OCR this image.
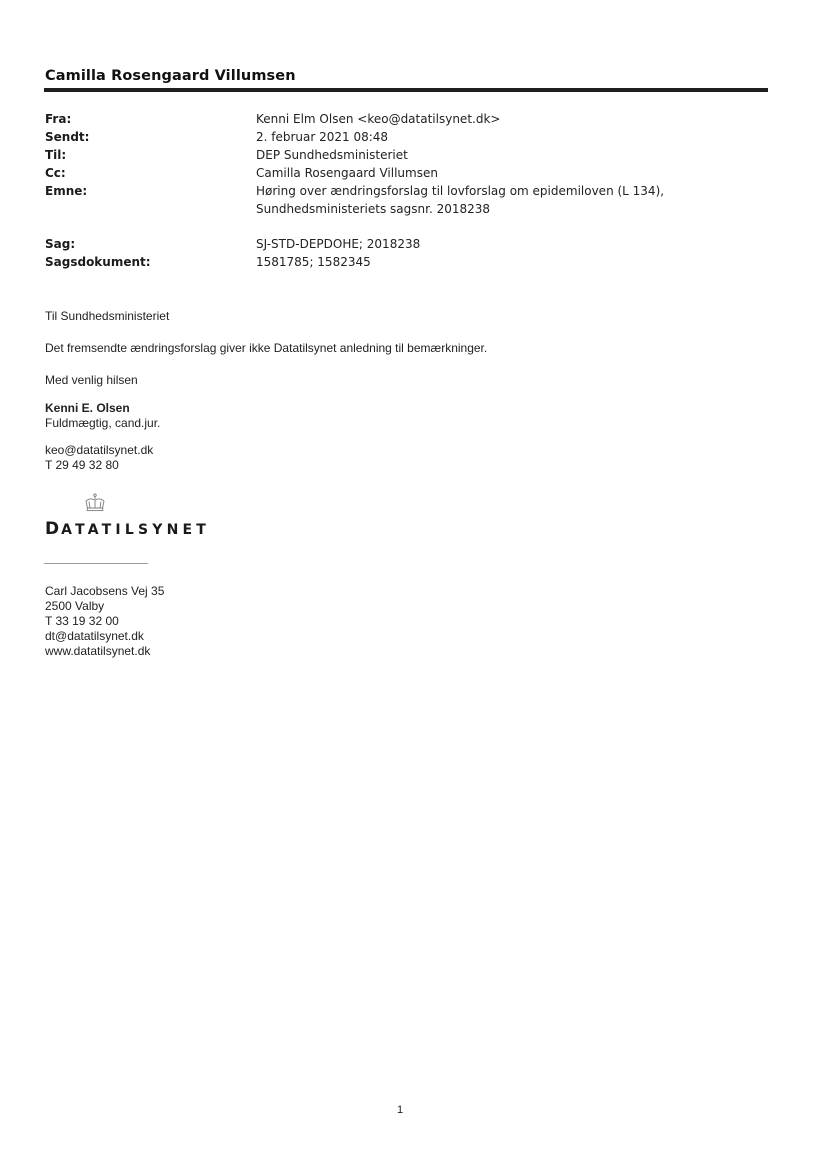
Camilla Rosengaard Villumsen
Fra:	Kenni Elm Olsen <keo@datatilsynet.dk>
Sendt:	2. februar 2021 08:48
Til:	DEP Sundhedsministeriet
Cc:	Camilla Rosengaard Villumsen
Emne:	Høring over ændringsforslag til lovforslag om epidemiloven (L 134),
Sundhedsministeriets sagsnr. 2018238
Sag:	SJ-STD-DEPDOHE; 2018238
Sagsdokument:	1581785; 1582345

Til Sundhedsministeriet

Det fremsendte ændringsforslag giver ikke Datatilsynet anledning til bemærkninger.

Med venlig hilsen

Kenni E. Olsen

Fuldmægtig, cand.jur.

keo@datatilsynet.dk

T 29 49 32 80

DATATILSYNET
Carl Jacobsens Vej 35
2500 Valby
T 33 19 32 00
dt@datatilsynet.dk
www.datatilsynet.dk
1
